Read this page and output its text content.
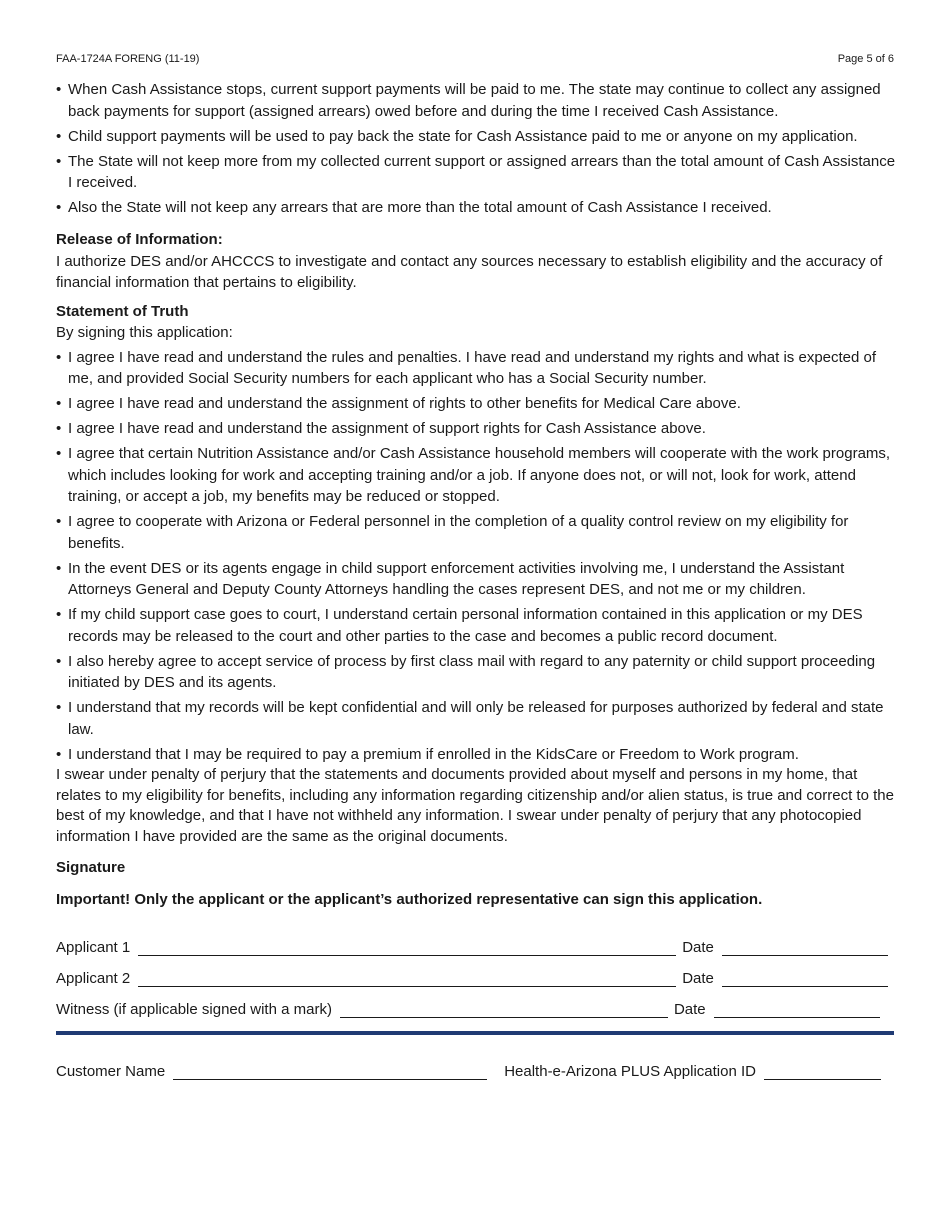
FAA-1724A FORENG (11-19)	Page 5 of 6
• When Cash Assistance stops, current support payments will be paid to me. The state may continue to collect any assigned back payments for support (assigned arrears) owed before and during the time I received Cash Assistance.
• Child support payments will be used to pay back the state for Cash Assistance paid to me or anyone on my application.
• The State will not keep more from my collected current support or assigned arrears than the total amount of Cash Assistance I received.
• Also the State will not keep any arrears that are more than the total amount of Cash Assistance I received.
Release of Information:

I authorize DES and/or AHCCCS to investigate and contact any sources necessary to establish eligibility and the accuracy of financial information that pertains to eligibility.

Statement of Truth

By signing this application:

• I agree I have read and understand the rules and penalties. I have read and understand my rights and what is expected of me, and provided Social Security numbers for each applicant who has a Social Security number.
• I agree I have read and understand the assignment of rights to other benefits for Medical Care above.
• I agree I have read and understand the assignment of support rights for Cash Assistance above.
• I agree that certain Nutrition Assistance and/or Cash Assistance household members will cooperate with the work programs, which includes looking for work and accepting training and/or a job. If anyone does not, or will not, look for work, attend training, or accept a job, my benefits may be reduced or stopped.
• I agree to cooperate with Arizona or Federal personnel in the completion of a quality control review on my eligibility for benefits.
• In the event DES or its agents engage in child support enforcement activities involving me, I understand the Assistant Attorneys General and Deputy County Attorneys handling the cases represent DES, and not me or my children.
• If my child support case goes to court, I understand certain personal information contained in this application or my DES records may be released to the court and other parties to the case and becomes a public record document.
• I also hereby agree to accept service of process by first class mail with regard to any paternity or child support proceeding initiated by DES and its agents.
• I understand that my records will be kept confidential and will only be released for purposes authorized by federal and state law.
• I understand that I may be required to pay a premium if enrolled in the KidsCare or Freedom to Work program.

I swear under penalty of perjury that the statements and documents provided about myself and persons in my home, that relates to my eligibility for benefits, including any information regarding citizenship and/or alien status, is true and correct to the best of my knowledge, and that I have not withheld any information. I swear under penalty of perjury that any photocopied information I have provided are the same as the original documents.

Signature
Important! Only the applicant or the applicant’s authorized representative can sign this application.
Applicant 1	Date
Applicant 2	Date
Witness (if applicable signed with a mark)	Date
Customer Name	Health-e-Arizona PLUS Application ID
